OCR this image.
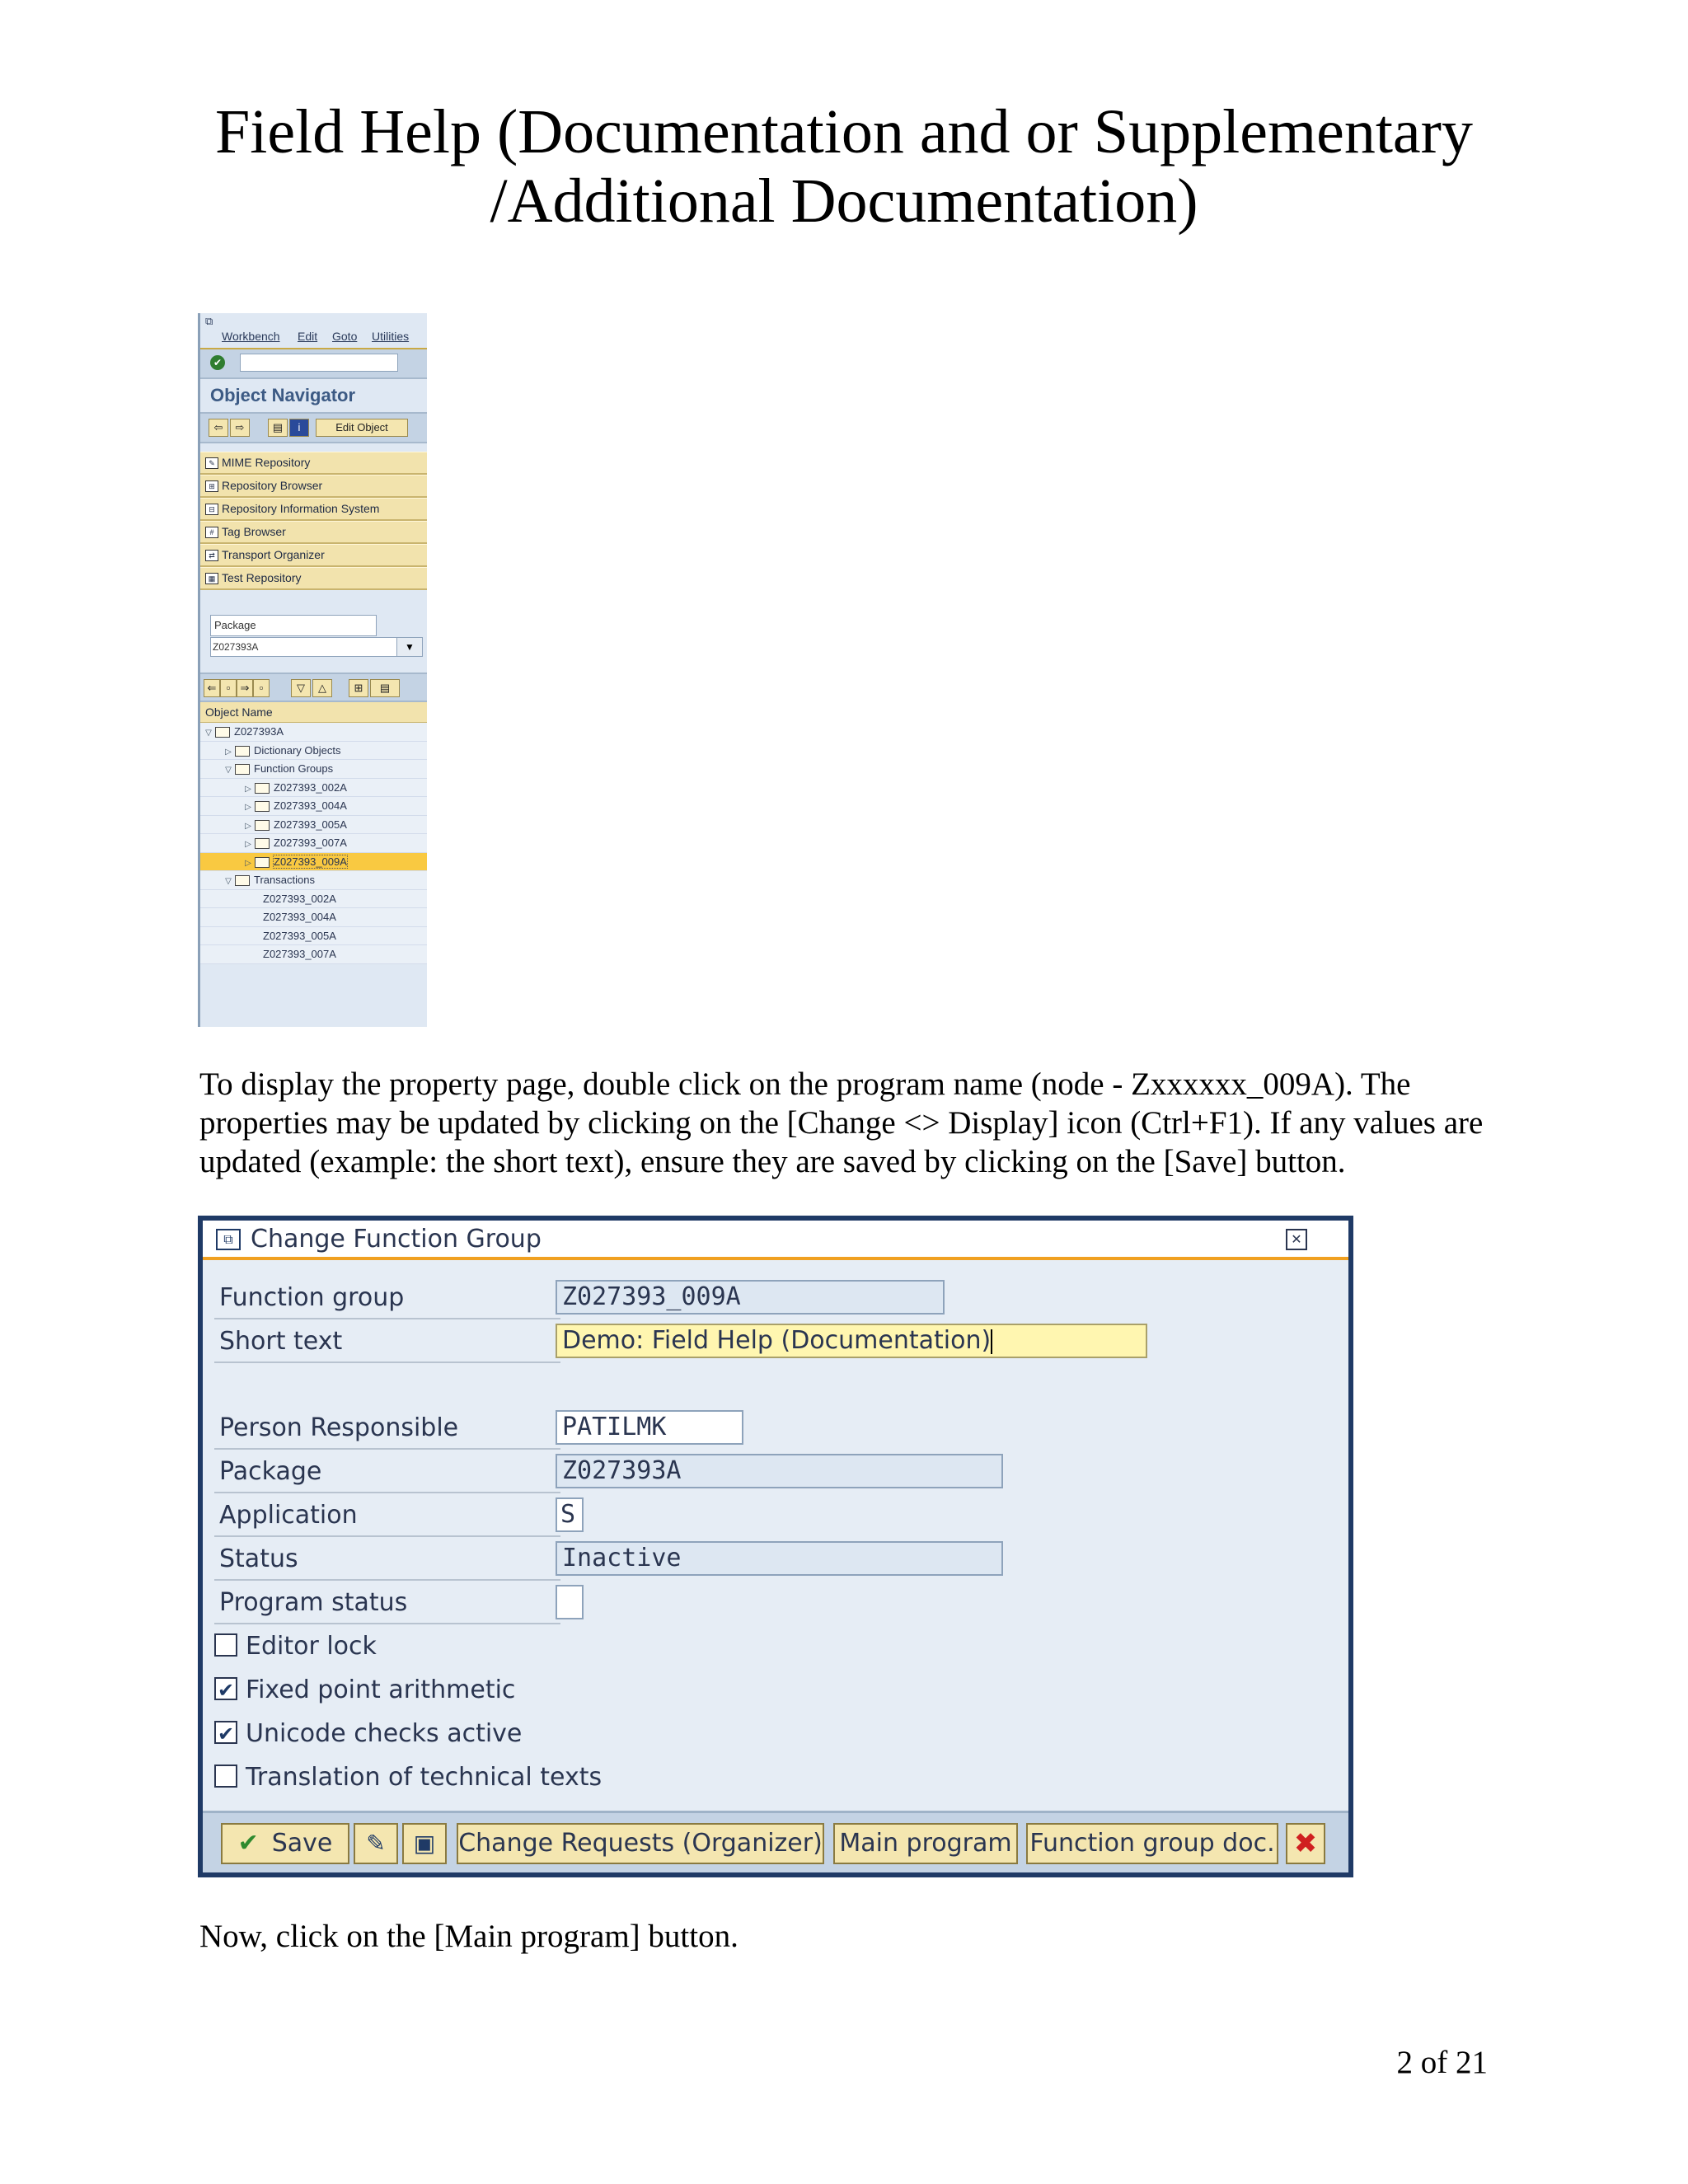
Field Help (Documentation and or Supplementary
/Additional Documentation)
⧉
Workbench Edit Goto Utilities
✔
Object Navigator
⇦	⇨	▤	i	Edit Object
✎ MIME Repository
⊞ Repository Browser
⊟ Repository Information System
# Tag Browser
⇄ Transport Organizer
▦ Test Repository
Package
Z027393A	▼
⇐ ▫ ⇒ ▫	▽	△	⊞	▤
Object Name
▽ Z027393A
▷ Dictionary Objects
▽ Function Groups
▷ Z027393_002A
▷ Z027393_004A
▷ Z027393_005A
▷ Z027393_007A
▷ Z027393_009A
▽ Transactions
Z027393_002A
Z027393_004A
Z027393_005A
Z027393_007A
To display the property page, double click on the program name (node - Zxxxxxx_009A). The properties may be updated by clicking on the [Change <> Display] icon (Ctrl+F1). If any values are updated (example: the short text), ensure they are saved by clicking on the [Save] button.
⧉ Change Function Group	✕
Function group	Z027393_009A
Short text	Demo: Field Help (Documentation)
Person Responsible	PATILMK
Package	Z027393A
Application	S
Status	Inactive
Program status
Editor lock
✔ Fixed point arithmetic
✔ Unicode checks active
Translation of technical texts
✔ Save	✎	▣ Change Requests (Organizer) Main program Function group doc. ✖
Now, click on the [Main program] button.
2 of 21
